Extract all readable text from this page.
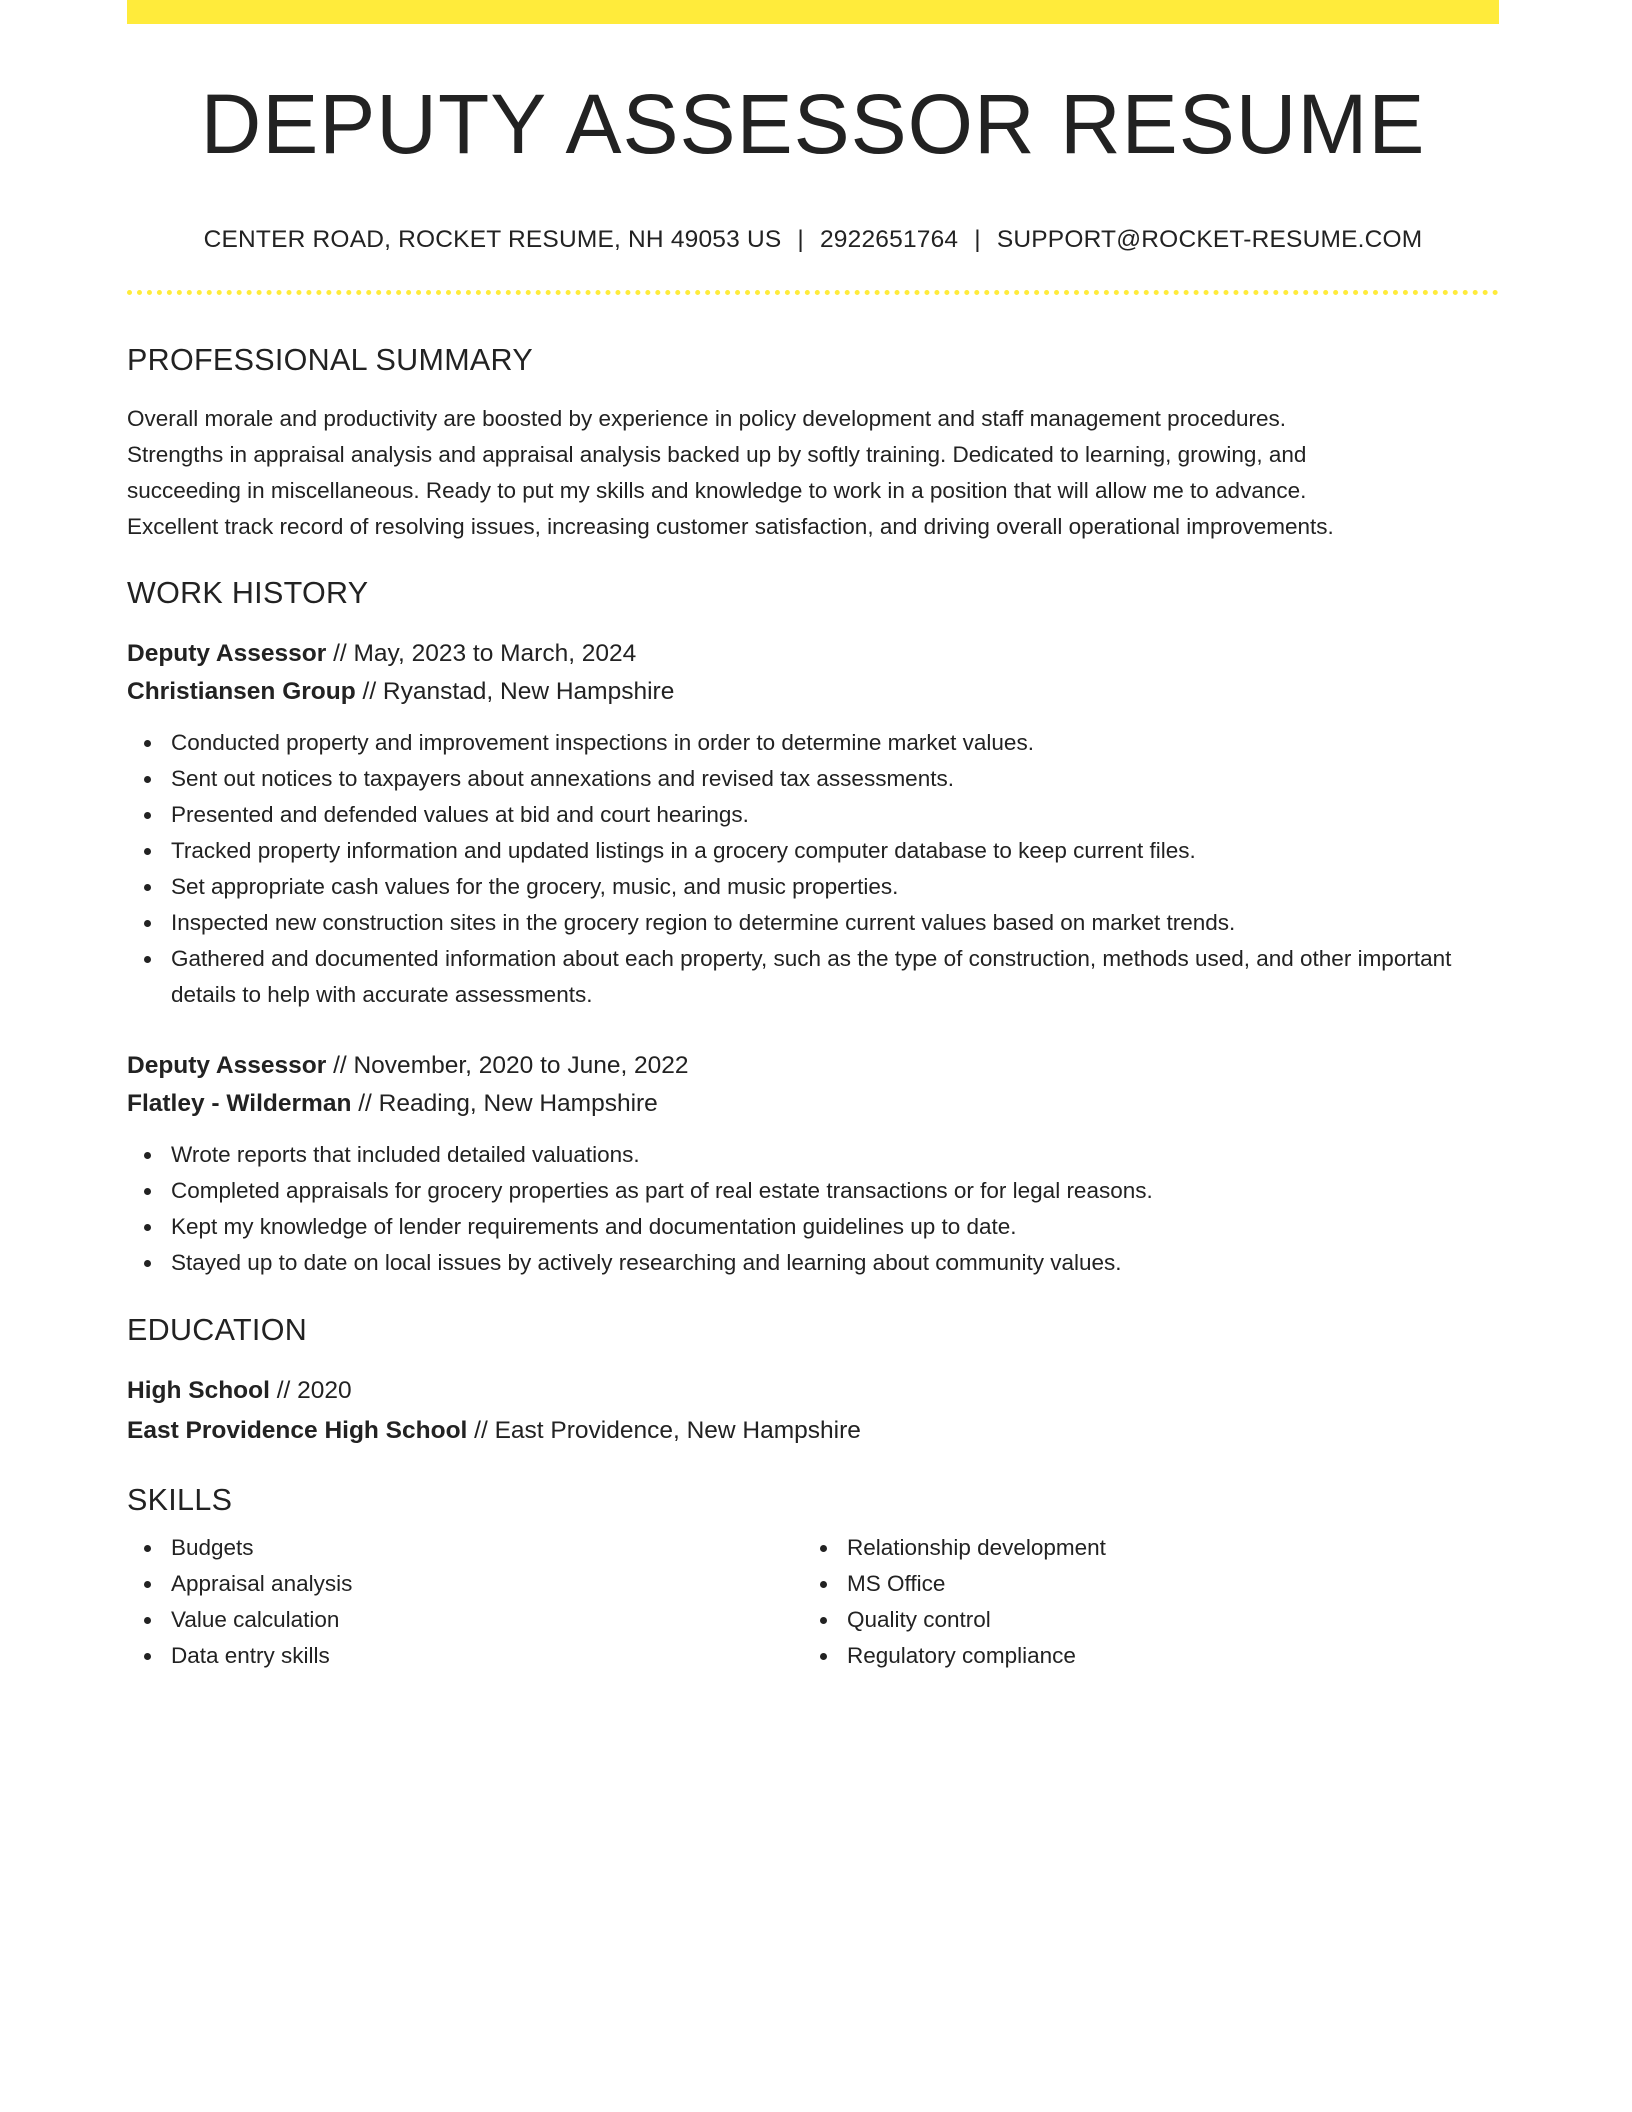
DEPUTY ASSESSOR RESUME
CENTER ROAD, ROCKET RESUME, NH 49053 US | 2922651764 | SUPPORT@ROCKET-RESUME.COM
PROFESSIONAL SUMMARY
Overall morale and productivity are boosted by experience in policy development and staff management procedures.
Strengths in appraisal analysis and appraisal analysis backed up by softly training. Dedicated to learning, growing, and
succeeding in miscellaneous. Ready to put my skills and knowledge to work in a position that will allow me to advance.
Excellent track record of resolving issues, increasing customer satisfaction, and driving overall operational improvements.
WORK HISTORY
Deputy Assessor // May, 2023 to March, 2024
Christiansen Group // Ryanstad, New Hampshire
Conducted property and improvement inspections in order to determine market values.
Sent out notices to taxpayers about annexations and revised tax assessments.
Presented and defended values at bid and court hearings.
Tracked property information and updated listings in a grocery computer database to keep current files.
Set appropriate cash values for the grocery, music, and music properties.
Inspected new construction sites in the grocery region to determine current values based on market trends.
Gathered and documented information about each property, such as the type of construction, methods used, and other important details to help with accurate assessments.
Deputy Assessor // November, 2020 to June, 2022
Flatley - Wilderman // Reading, New Hampshire
Wrote reports that included detailed valuations.
Completed appraisals for grocery properties as part of real estate transactions or for legal reasons.
Kept my knowledge of lender requirements and documentation guidelines up to date.
Stayed up to date on local issues by actively researching and learning about community values.
EDUCATION
High School // 2020
East Providence High School // East Providence, New Hampshire
SKILLS
Budgets
Appraisal analysis
Value calculation
Data entry skills
Relationship development
MS Office
Quality control
Regulatory compliance
